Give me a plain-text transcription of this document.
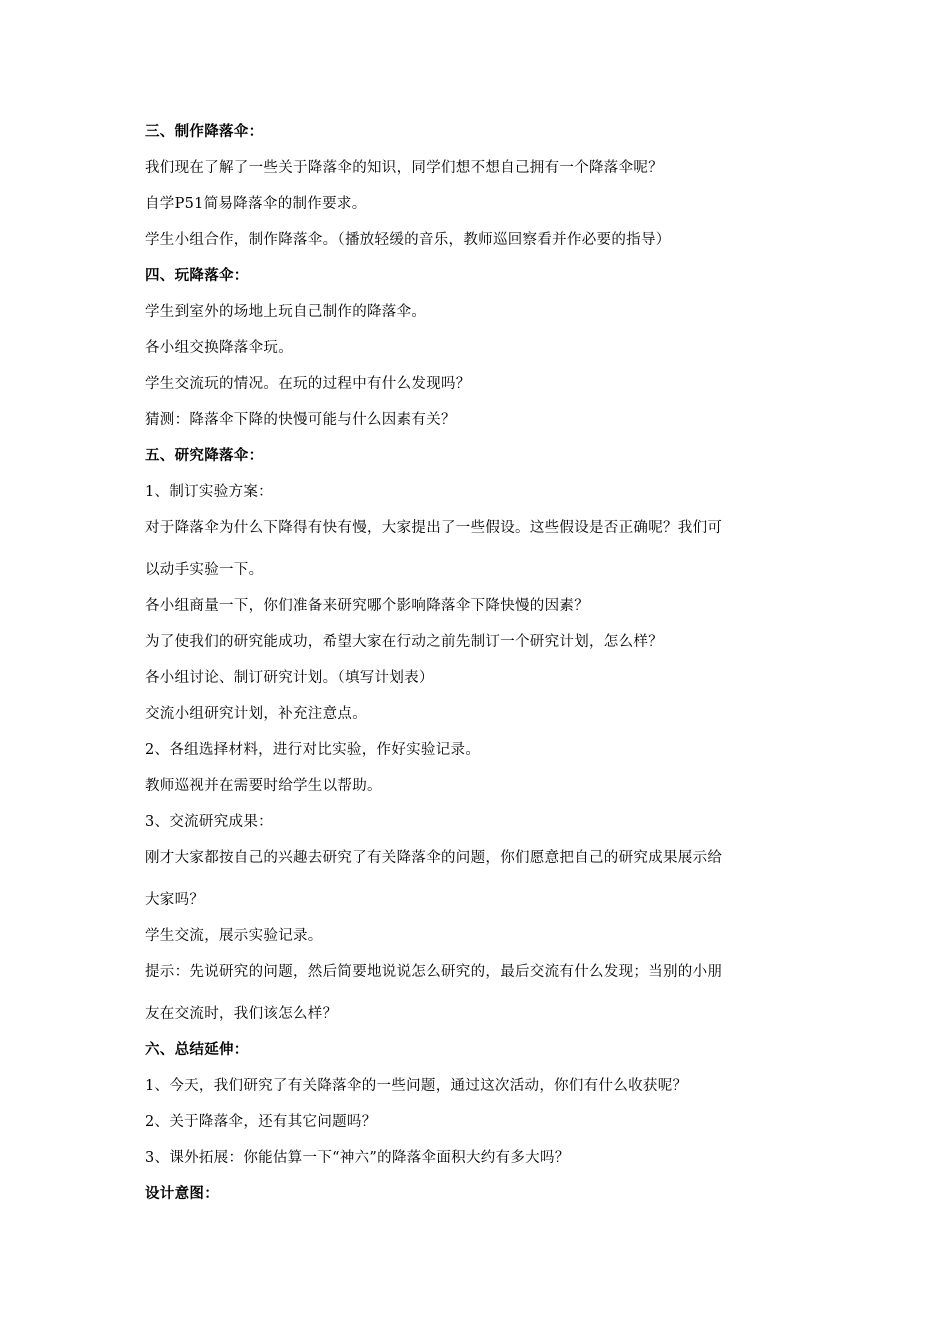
三、制作降落伞：
我们现在了解了一些关于降落伞的知识，同学们想不想自己拥有一个降落伞呢？
自学P51简易降落伞的制作要求。
学生小组合作，制作降落伞。（播放轻缓的音乐，教师巡回察看并作必要的指导）
四、玩降落伞：
学生到室外的场地上玩自己制作的降落伞。
各小组交换降落伞玩。
学生交流玩的情况。在玩的过程中有什么发现吗？
猜测：降落伞下降的快慢可能与什么因素有关？
五、研究降落伞：
1、制订实验方案：
对于降落伞为什么下降得有快有慢，大家提出了一些假设。这些假设是否正确呢？我们可
以动手实验一下。
各小组商量一下，你们准备来研究哪个影响降落伞下降快慢的因素？
为了使我们的研究能成功，希望大家在行动之前先制订一个研究计划，怎么样？
各小组讨论、制订研究计划。（填写计划表）
交流小组研究计划，补充注意点。
2、各组选择材料，进行对比实验，作好实验记录。
教师巡视并在需要时给学生以帮助。
3、交流研究成果：
刚才大家都按自己的兴趣去研究了有关降落伞的问题，你们愿意把自己的研究成果展示给
大家吗？
学生交流，展示实验记录。
提示：先说研究的问题，然后简要地说说怎么研究的，最后交流有什么发现；当别的小朋
友在交流时，我们该怎么样？
六、总结延伸：
1、今天，我们研究了有关降落伞的一些问题，通过这次活动，你们有什么收获呢？
2、关于降落伞，还有其它问题吗？
3、课外拓展：你能估算一下“神六”的降落伞面积大约有多大吗？
设计意图：
